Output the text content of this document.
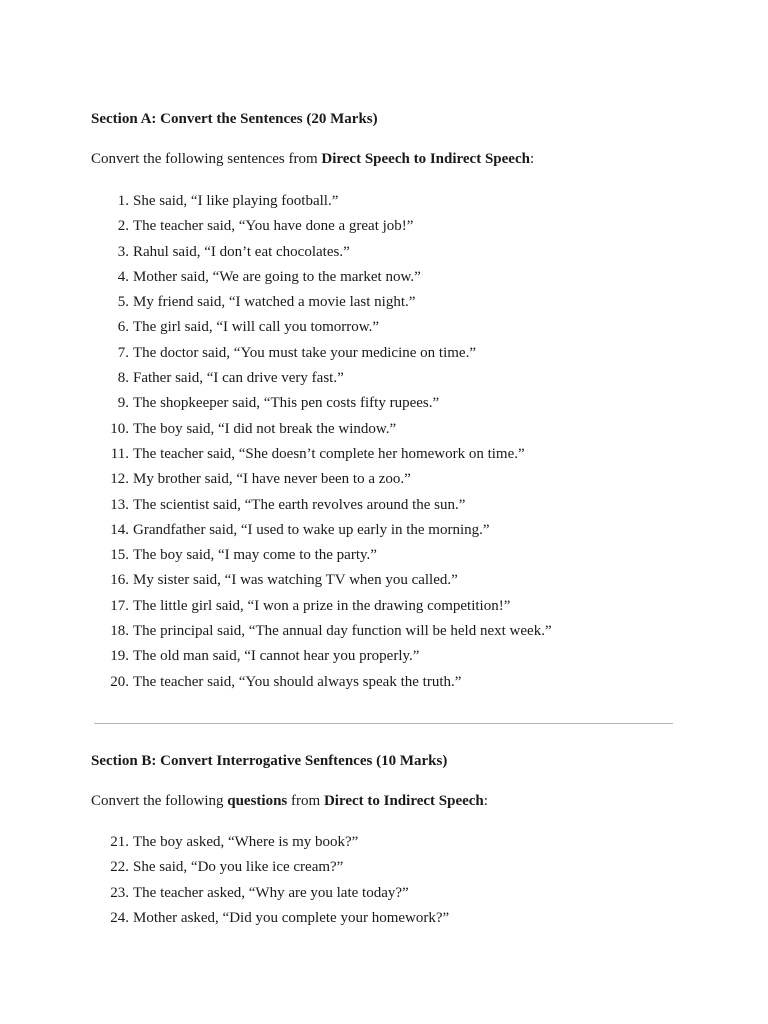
Section A: Convert the Sentences (20 Marks)

Convert the following sentences from Direct Speech to Indirect Speech:

1. She said, “I like playing football.”
2. The teacher said, “You have done a great job!”
3. Rahul said, “I don’t eat chocolates.”
4. Mother said, “We are going to the market now.”
5. My friend said, “I watched a movie last night.”
6. The girl said, “I will call you tomorrow.”
7. The doctor said, “You must take your medicine on time.”
8. Father said, “I can drive very fast.”
9. The shopkeeper said, “This pen costs fifty rupees.”
10. The boy said, “I did not break the window.”
11. The teacher said, “She doesn’t complete her homework on time.”
12. My brother said, “I have never been to a zoo.”
13. The scientist said, “The earth revolves around the sun.”
14. Grandfather said, “I used to wake up early in the morning.”
15. The boy said, “I may come to the party.”
16. My sister said, “I was watching TV when you called.”
17. The little girl said, “I won a prize in the drawing competition!”
18. The principal said, “The annual day function will be held next week.”
19. The old man said, “I cannot hear you properly.”
20. The teacher said, “You should always speak the truth.”
Section B: Convert Interrogative Senftences (10 Marks)

Convert the following questions from Direct to Indirect Speech:

21. The boy asked, “Where is my book?”
22. She said, “Do you like ice cream?”
23. The teacher asked, “Why are you late today?”
24. Mother asked, “Did you complete your homework?”
